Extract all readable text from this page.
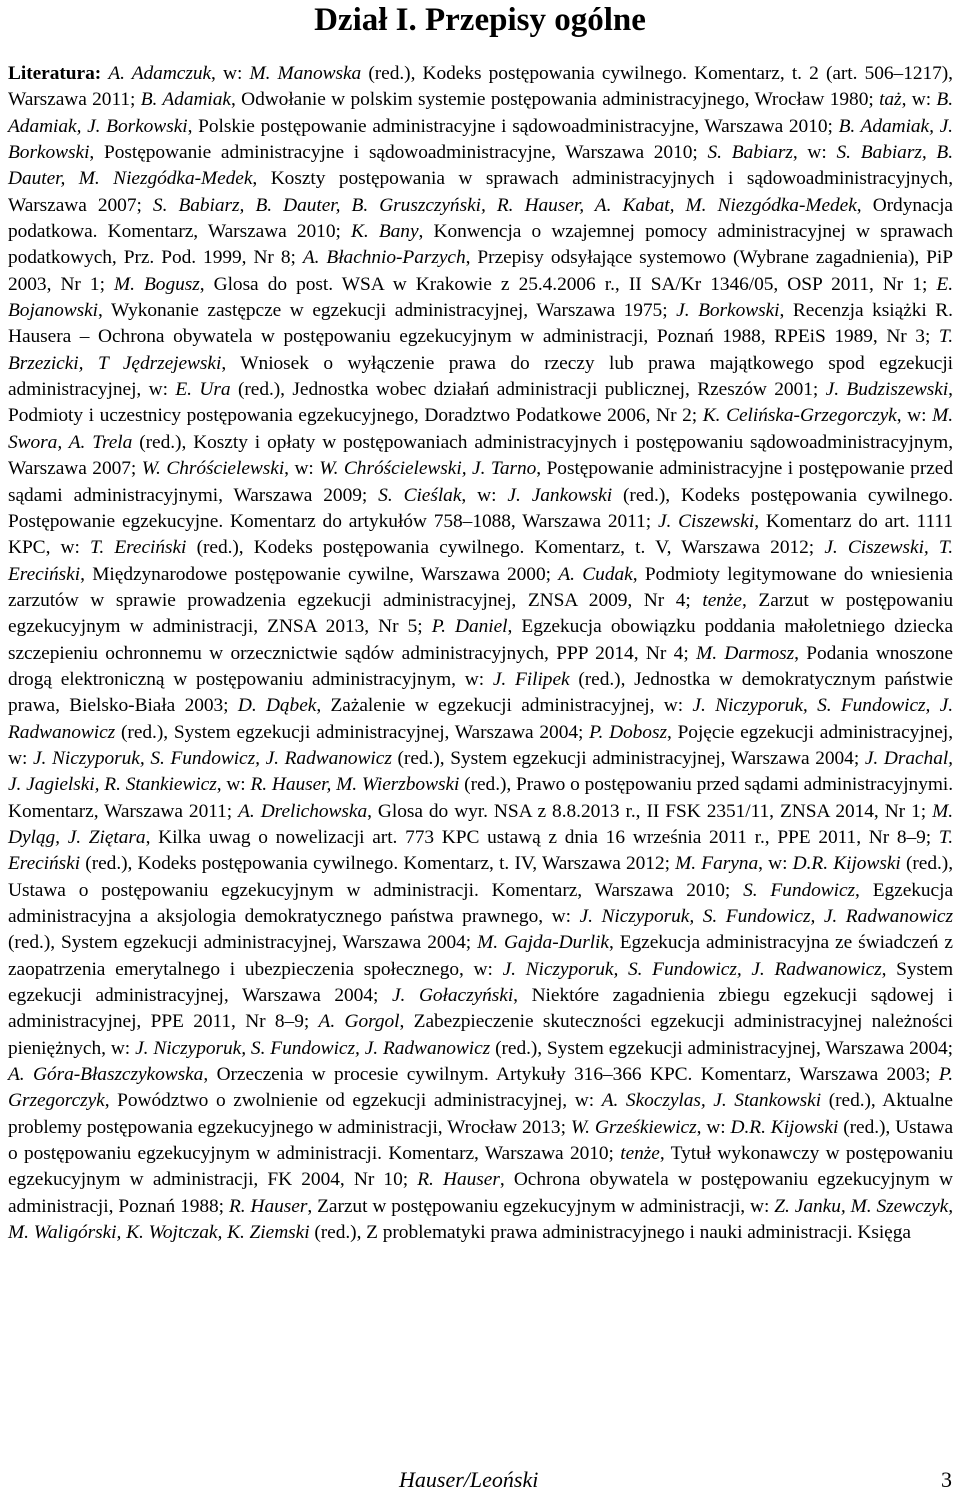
Dział I. Przepisy ogólne
Literatura: A. Adamczuk, w: M. Manowska (red.), Kodeks postępowania cywilnego. Komentarz, t. 2 (art. 506–1217), Warszawa 2011; B. Adamiak, Odwołanie w polskim systemie postępowania administracyjnego, Wrocław 1980; taż, w: B. Adamiak, J. Borkowski, Polskie postępowanie administracyjne i sądowoadministracyjne, Warszawa 2010; B. Adamiak, J. Borkowski, Postępowanie administracyjne i sądowoadministracyjne, Warszawa 2010; S. Babiarz, w: S. Babiarz, B. Dauter, M. Niezgódka-Medek, Koszty postępowania w sprawach administracyjnych i sądowoadministracyjnych, Warszawa 2007; S. Babiarz, B. Dauter, B. Gruszczyński, R. Hauser, A. Kabat, M. Niezgódka-Medek, Ordynacja podatkowa. Komentarz, Warszawa 2010; K. Bany, Konwencja o wzajemnej pomocy administracyjnej w sprawach podatkowych, Prz. Pod. 1999, Nr 8; A. Błachnio-Parzych, Przepisy odsyłające systemowo (Wybrane zagadnienia), PiP 2003, Nr 1; M. Bogusz, Glosa do post. WSA w Krakowie z 25.4.2006 r., II SA/Kr 1346/05, OSP 2011, Nr 1; E. Bojanowski, Wykonanie zastępcze w egzekucji administracyjnej, Warszawa 1975; J. Borkowski, Recenzja książki R. Hausera – Ochrona obywatela w postępowaniu egzekucyjnym w administracji, Poznań 1988, RPEiS 1989, Nr 3; T. Brzezicki, T Jędrzejewski, Wniosek o wyłączenie prawa do rzeczy lub prawa majątkowego spod egzekucji administracyjnej, w: E. Ura (red.), Jednostka wobec działań administracji publicznej, Rzeszów 2001; J. Budziszewski, Podmioty i uczestnicy postępowania egzekucyjnego, Doradztwo Podatkowe 2006, Nr 2; K. Celińska-Grzegorczyk, w: M. Swora, A. Trela (red.), Koszty i opłaty w postępowaniach administracyjnych i postępowaniu sądowoadministracyjnym, Warszawa 2007; W. Chróścielewski, w: W. Chróścielewski, J. Tarno, Postępowanie administracyjne i postępowanie przed sądami administracyjnymi, Warszawa 2009; S. Cieślak, w: J. Jankowski (red.), Kodeks postępowania cywilnego. Postępowanie egzekucyjne. Komentarz do artykułów 758–1088, Warszawa 2011; J. Ciszewski, Komentarz do art. 1111 KPC, w: T. Ereciński (red.), Kodeks postępowania cywilnego. Komentarz, t. V, Warszawa 2012; J. Ciszewski, T. Ereciński, Międzynarodowe postępowanie cywilne, Warszawa 2000; A. Cudak, Podmioty legitymowane do wniesienia zarzutów w sprawie prowadzenia egzekucji administracyjnej, ZNSA 2009, Nr 4; tenże, Zarzut w postępowaniu egzekucyjnym w administracji, ZNSA 2013, Nr 5; P. Daniel, Egzekucja obowiązku poddania małoletniego dziecka szczepieniu ochronnemu w orzecznictwie sądów administracyjnych, PPP 2014, Nr 4; M. Darmosz, Podania wnoszone drogą elektroniczną w postępowaniu administracyjnym, w: J. Filipek (red.), Jednostka w demokratycznym państwie prawa, Bielsko-Biała 2003; D. Dąbek, Zażalenie w egzekucji administracyjnej, w: J. Niczyporuk, S. Fundowicz, J. Radwanowicz (red.), System egzekucji administracyjnej, Warszawa 2004; P. Dobosz, Pojęcie egzekucji administracyjnej, w: J. Niczyporuk, S. Fundowicz, J. Radwanowicz (red.), System egzekucji administracyjnej, Warszawa 2004; J. Drachal, J. Jagielski, R. Stankiewicz, w: R. Hauser, M. Wierzbowski (red.), Prawo o postępowaniu przed sądami administracyjnymi. Komentarz, Warszawa 2011; A. Drelichowska, Glosa do wyr. NSA z 8.8.2013 r., II FSK 2351/11, ZNSA 2014, Nr 1; M. Dyląg, J. Ziętara, Kilka uwag o nowelizacji art. 773 KPC ustawą z dnia 16 września 2011 r., PPE 2011, Nr 8–9; T. Ereciński (red.), Kodeks postępowania cywilnego. Komentarz, t. IV, Warszawa 2012; M. Faryna, w: D.R. Kijowski (red.), Ustawa o postępowaniu egzekucyjnym w administracji. Komentarz, Warszawa 2010; S. Fundowicz, Egzekucja administracyjna a aksjologia demokratycznego państwa prawnego, w: J. Niczyporuk, S. Fundowicz, J. Radwanowicz (red.), System egzekucji administracyjnej, Warszawa 2004; M. Gajda-Durlik, Egzekucja administracyjna ze świadczeń z zaopatrzenia emerytalnego i ubezpieczenia społecznego, w: J. Niczyporuk, S. Fundowicz, J. Radwanowicz, System egzekucji administracyjnej, Warszawa 2004; J. Gołaczyński, Niektóre zagadnienia zbiegu egzekucji sądowej i administracyjnej, PPE 2011, Nr 8–9; A. Gorgol, Zabezpieczenie skuteczności egzekucji administracyjnej należności pieniężnych, w: J. Niczyporuk, S. Fundowicz, J. Radwanowicz (red.), System egzekucji administracyjnej, Warszawa 2004; A. Góra-Błaszczykowska, Orzeczenia w procesie cywilnym. Artykuły 316–366 KPC. Komentarz, Warszawa 2003; P. Grzegorczyk, Powództwo o zwolnienie od egzekucji administracyjnej, w: A. Skoczylas, J. Stankowski (red.), Aktualne problemy postępowania egzekucyjnego w administracji, Wrocław 2013; W. Grześkiewicz, w: D.R. Kijowski (red.), Ustawa o postępowaniu egzekucyjnym w administracji. Komentarz, Warszawa 2010; tenże, Tytuł wykonawczy w postępowaniu egzekucyjnym w administracji, FK 2004, Nr 10; R. Hauser, Ochrona obywatela w postępowaniu egzekucyjnym w administracji, Poznań 1988; R. Hauser, Zarzut w postępowaniu egzekucyjnym w administracji, w: Z. Janku, M. Szewczyk, M. Waligórski, K. Wojtczak, K. Ziemski (red.), Z problematyki prawa administracyjnego i nauki administracji. Księga
Hauser/Leoński	3
